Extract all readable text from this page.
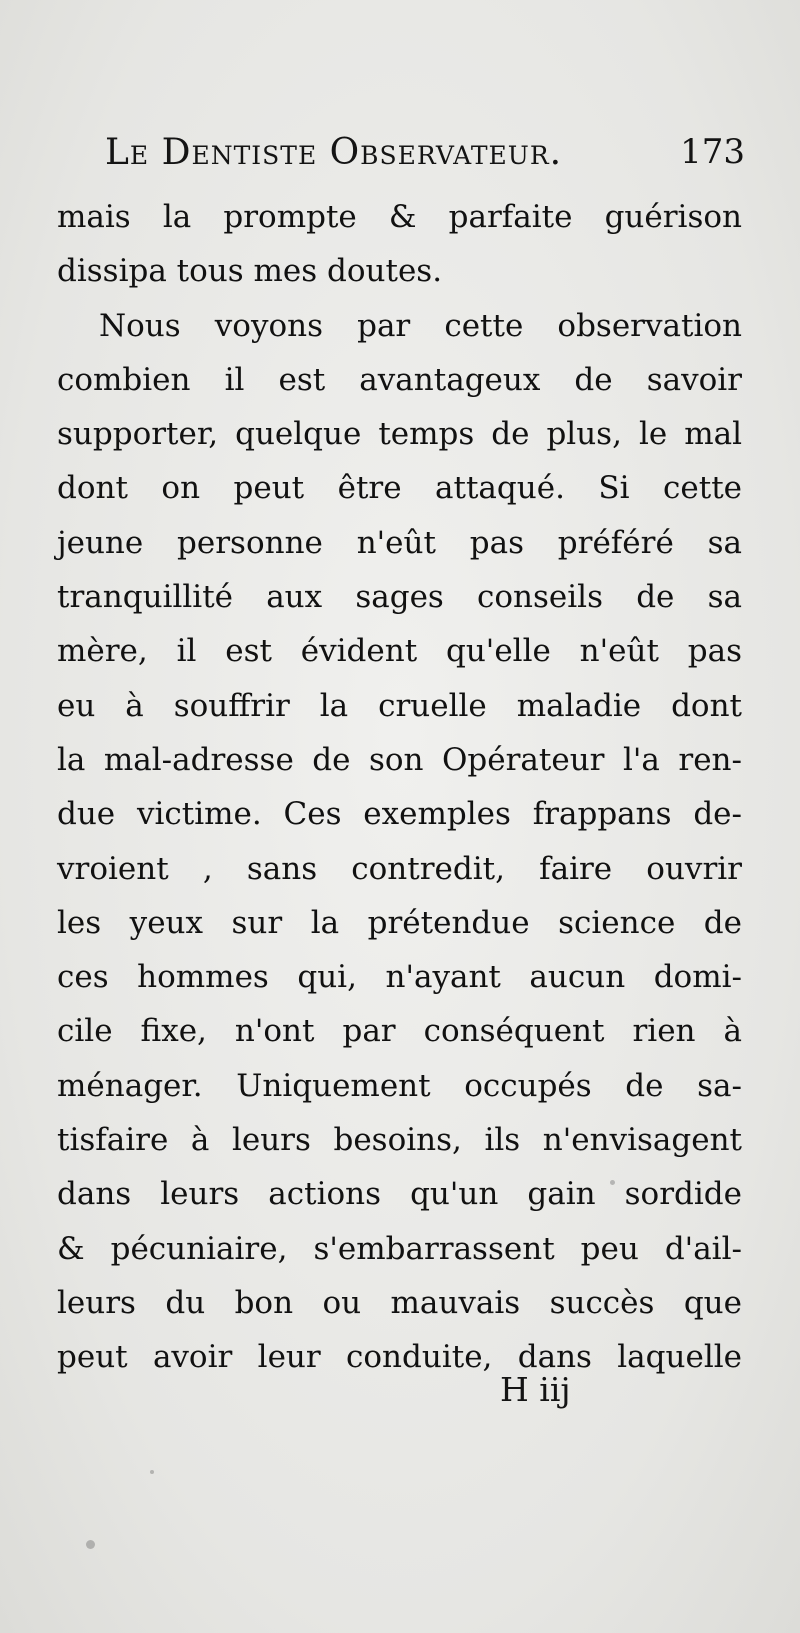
Le Dentiste Observateur.	173
mais la prompte & parfaite guérison
dissipa tous mes doutes.
Nous voyons par cette observation
combien il est avantageux de savoir
supporter, quelque temps de plus, le mal
dont on peut être attaqué. Si cette
jeune personne n'eût pas préféré sa
tranquillité aux sages conseils de sa
mère, il est évident qu'elle n'eût pas
eu à souffrir la cruelle maladie dont
la mal-adresse de son Opérateur l'a ren-
due victime. Ces exemples frappans de-
vroient , sans contredit, faire ouvrir
les yeux sur la prétendue science de
ces hommes qui, n'ayant aucun domi-
cile fixe, n'ont par conséquent rien à
ménager. Uniquement occupés de sa-
tisfaire à leurs besoins, ils n'envisagent
dans leurs actions qu'un gain sordide
& pécuniaire, s'embarrassent peu d'ail-
leurs du bon ou mauvais succès que
peut avoir leur conduite, dans laquelle
H iij
